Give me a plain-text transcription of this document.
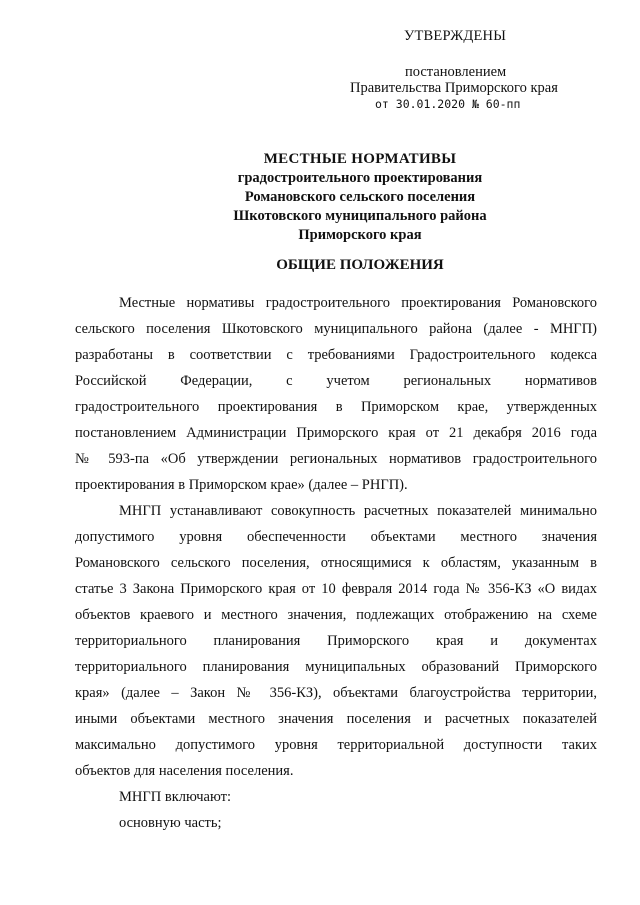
УТВЕРЖДЕНЫ
постановлением
Правительства Приморского края
от 30.01.2020 № 60-пп
МЕСТНЫЕ НОРМАТИВЫ
градостроительного проектирования
Романовского сельского поселения
Шкотовского муниципального района
Приморского края
ОБЩИЕ ПОЛОЖЕНИЯ
Местные нормативы градостроительного проектирования Романовского
сельского поселения Шкотовского муниципального района (далее - МНГП)
разработаны в соответствии с требованиями Градостроительного кодекса
Российской Федерации, с учетом региональных нормативов
градостроительного проектирования в Приморском крае, утвержденных
постановлением Администрации Приморского края от 21 декабря 2016 года
№ 593-па «Об утверждении региональных нормативов градостроительного
проектирования в Приморском крае» (далее – РНГП).
МНГП устанавливают совокупность расчетных показателей минимально
допустимого уровня обеспеченности объектами местного значения
Романовского сельского поселения, относящимися к областям, указанным в
статье 3 Закона Приморского края от 10 февраля 2014 года № 356-КЗ «О видах
объектов краевого и местного значения, подлежащих отображению на схеме
территориального планирования Приморского края и документах
территориального планирования муниципальных образований Приморского
края» (далее – Закон № 356-КЗ), объектами благоустройства территории,
иными объектами местного значения поселения и расчетных показателей
максимально допустимого уровня территориальной доступности таких
объектов для населения поселения.

МНГП включают:

основную часть;
